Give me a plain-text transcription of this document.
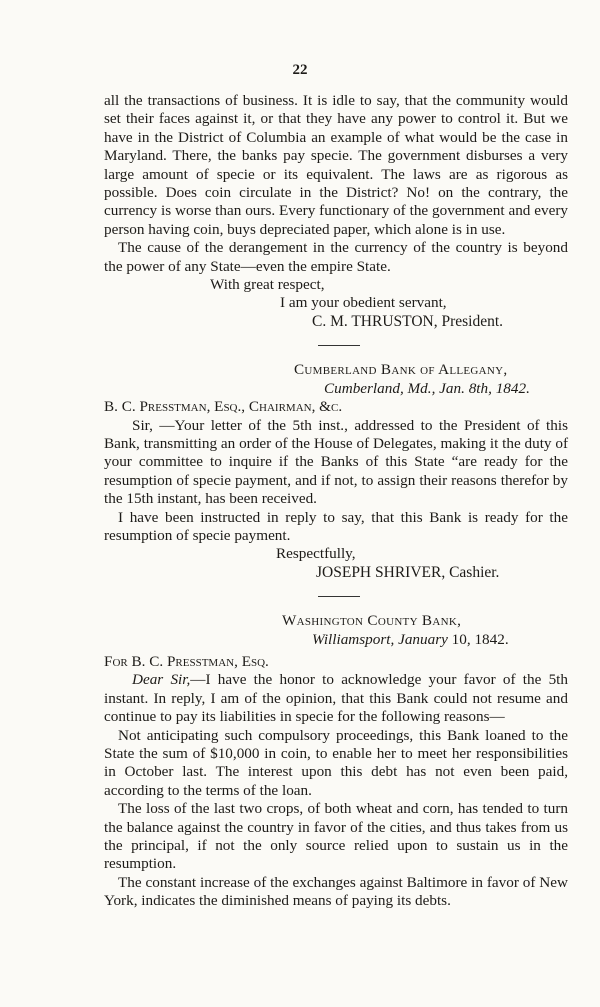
22

all the transactions of business. It is idle to say, that the community would set their faces against it, or that they have any power to control it. But we have in the District of Columbia an example of what would be the case in Maryland. There, the banks pay specie. The government disburses a very large amount of specie or its equivalent. The laws are as rigorous as possible. Does coin circulate in the District? No! on the contrary, the currency is worse than ours. Every functionary of the government and every person having coin, buys depreciated paper, which alone is in use.

The cause of the derangement in the currency of the country is beyond the power of any State—even the empire State.

With great respect,
I am your obedient servant,
C. M. THRUSTON, President.
Cumberland Bank of Allegany,
Cumberland, Md., Jan. 8th, 1842.
B. C. Presstman, Esq., Chairman, &c.

Sir, —Your letter of the 5th inst., addressed to the President of this Bank, transmitting an order of the House of Delegates, making it the duty of your committee to inquire if the Banks of this State “are ready for the resumption of specie payment, and if not, to assign their reasons therefor by the 15th instant, has been received.

I have been instructed in reply to say, that this Bank is ready for the resumption of specie payment.

Respectfully,
JOSEPH SHRIVER, Cashier.
Washington County Bank,
Williamsport, January 10, 1842.
For B. C. Presstman, Esq.

Dear Sir,—I have the honor to acknowledge your favor of the 5th instant. In reply, I am of the opinion, that this Bank could not resume and continue to pay its liabilities in specie for the following reasons—

Not anticipating such compulsory proceedings, this Bank loaned to the State the sum of $10,000 in coin, to enable her to meet her responsibilities in October last. The interest upon this debt has not even been paid, according to the terms of the loan.

The loss of the last two crops, of both wheat and corn, has tended to turn the balance against the country in favor of the cities, and thus takes from us the principal, if not the only source relied upon to sustain us in the resumption.

The constant increase of the exchanges against Baltimore in favor of New York, indicates the diminished means of paying its debts.
